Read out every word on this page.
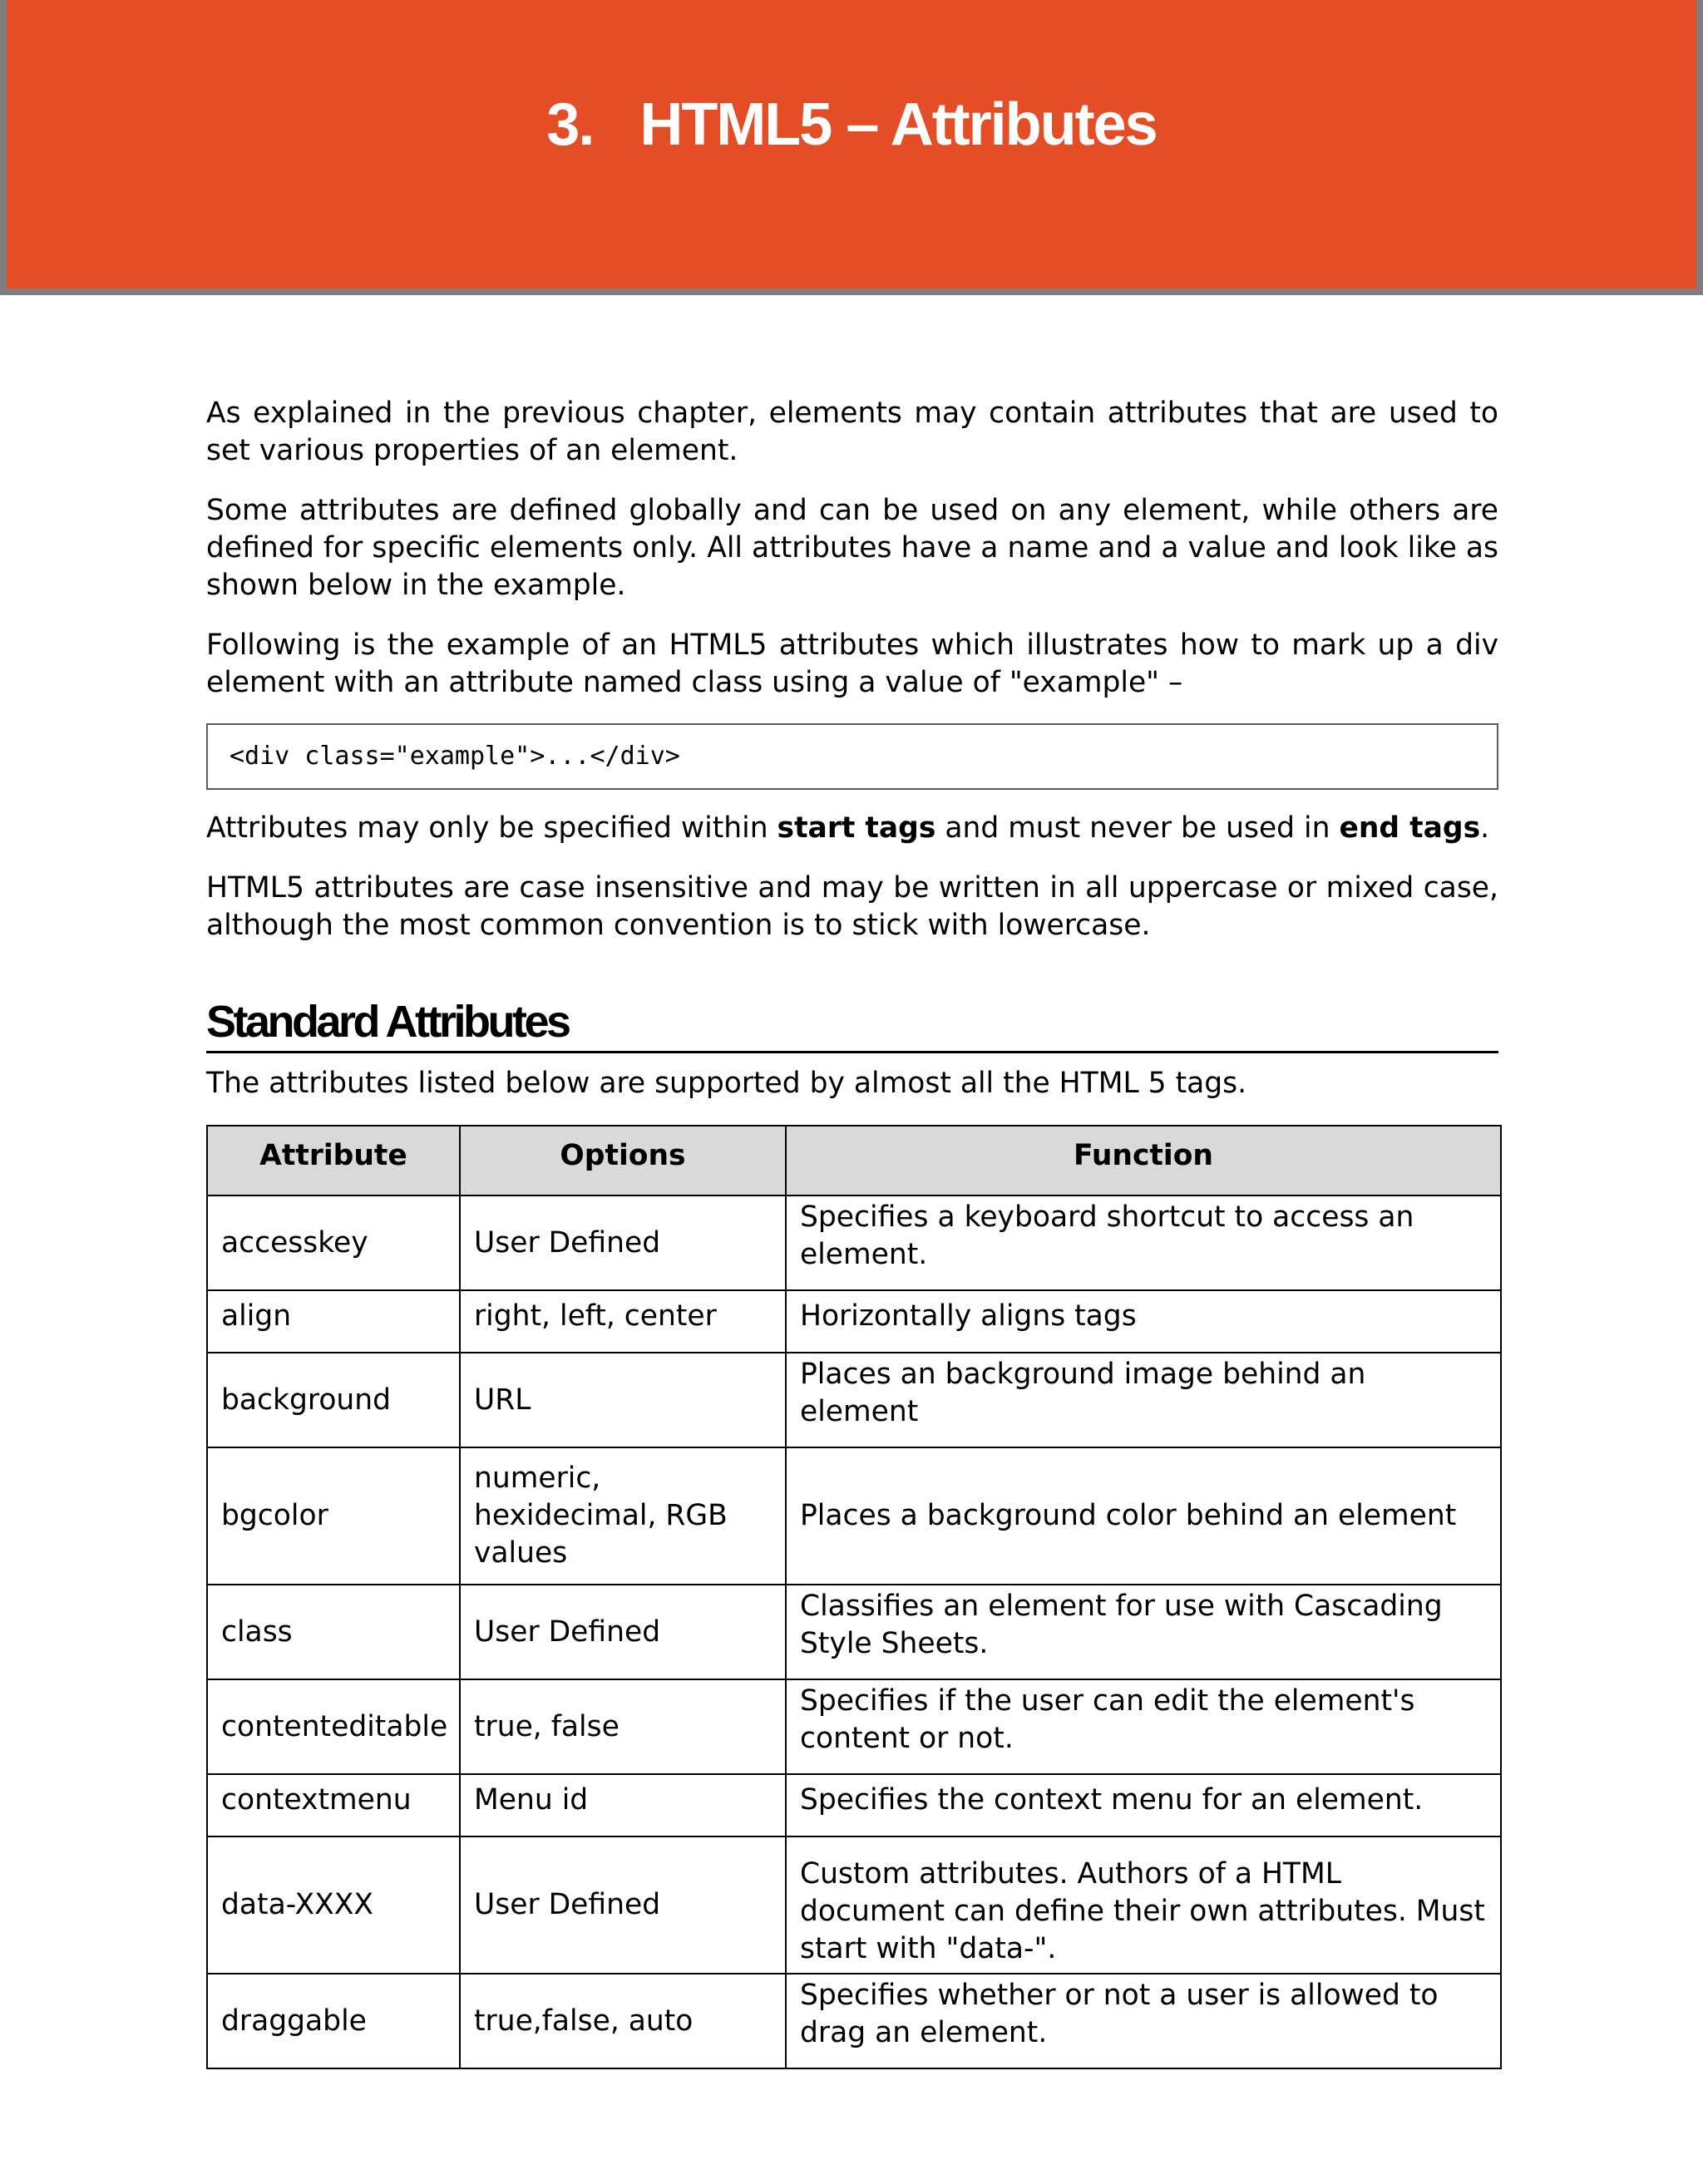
3. HTML5 – Attributes

As explained in the previous chapter, elements may contain attributes that are used to set various properties of an element.

Some attributes are defined globally and can be used on any element, while others are defined for specific elements only. All attributes have a name and a value and look like as shown below in the example.

Following is the example of an HTML5 attributes which illustrates how to mark up a div element with an attribute named class using a value of "example" –

<div class="example">...</div>

Attributes may only be specified within start tags and must never be used in end tags.

HTML5 attributes are case insensitive and may be written in all uppercase or mixed case, although the most common convention is to stick with lowercase.

Standard Attributes

The attributes listed below are supported by almost all the HTML 5 tags.

Attribute	Options	Function
accesskey	User Defined	Specifies a keyboard shortcut to access an element.
align	right, left, center	Horizontally aligns tags
background	URL	Places an background image behind an element
bgcolor	numeric, hexidecimal, RGB values	Places a background color behind an element
class	User Defined	Classifies an element for use with Cascading Style Sheets.
contenteditable	true, false	Specifies if the user can edit the element's content or not.
contextmenu	Menu id	Specifies the context menu for an element.
data-XXXX	User Defined	Custom attributes. Authors of a HTML document can define their own attributes. Must start with "data-".
draggable	true,false, auto	Specifies whether or not a user is allowed to drag an element.
